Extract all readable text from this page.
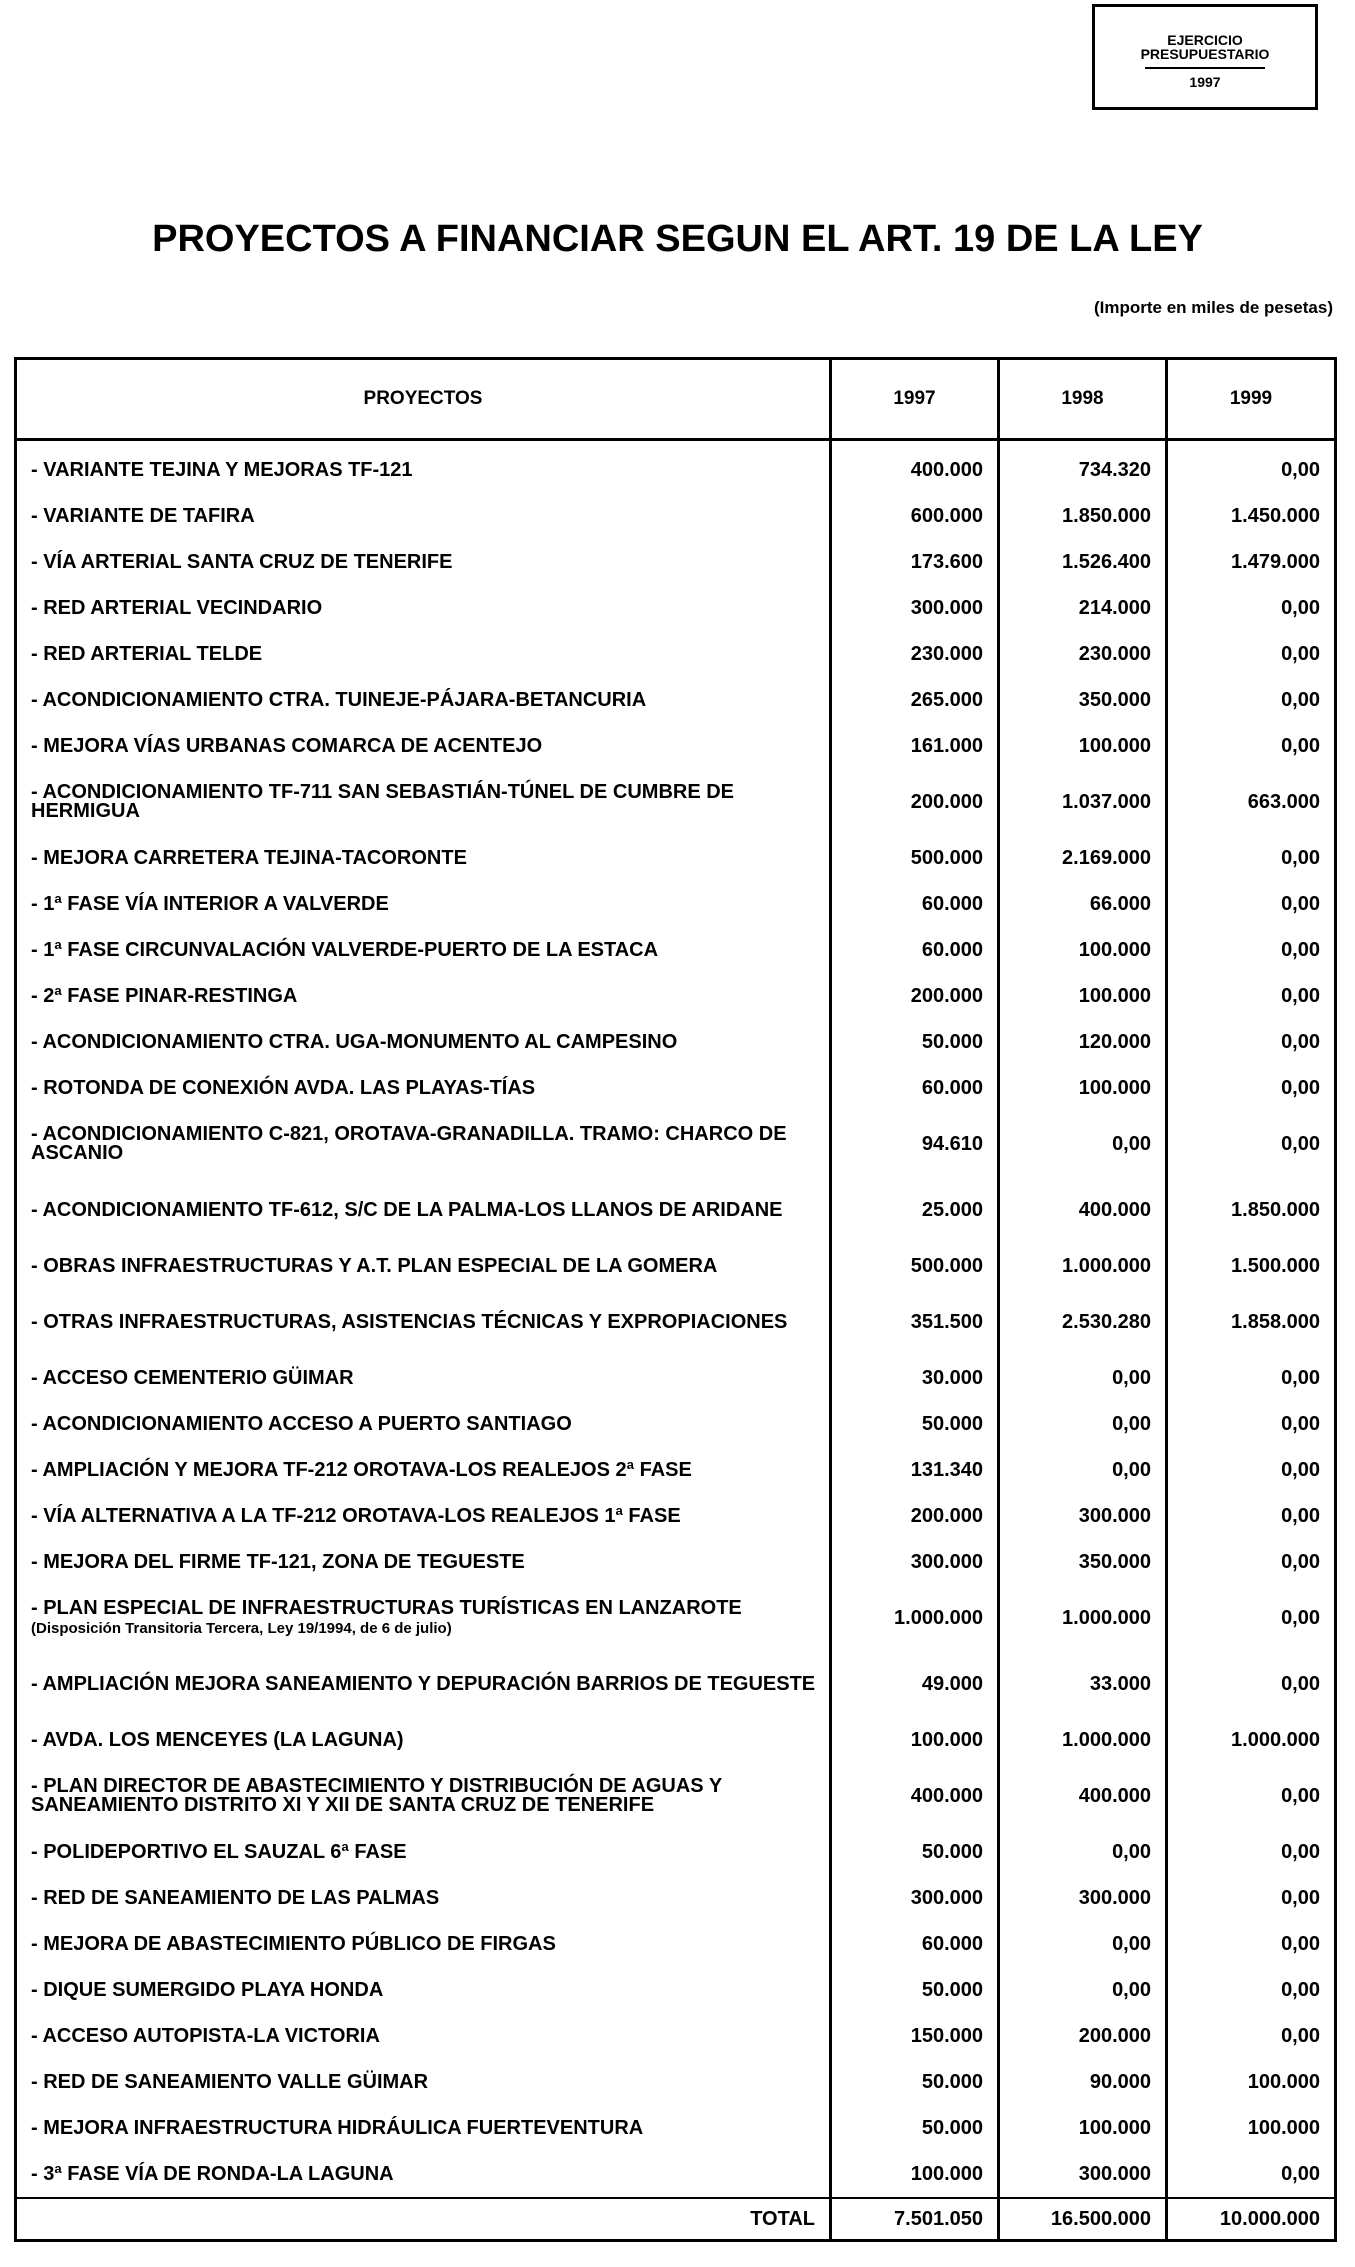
EJERCICIO
PRESUPUESTARIO
1997
PROYECTOS A FINANCIAR SEGUN EL ART. 19 DE LA LEY
(Importe en miles de pesetas)
PROYECTOS	1997	1998	1999
- VARIANTE TEJINA Y MEJORAS TF-121	400.000	734.320	0,00
- VARIANTE DE TAFIRA	600.000	1.850.000	1.450.000
- VÍA ARTERIAL SANTA CRUZ DE TENERIFE	173.600	1.526.400	1.479.000
- RED ARTERIAL VECINDARIO	300.000	214.000	0,00
- RED ARTERIAL TELDE	230.000	230.000	0,00
- ACONDICIONAMIENTO CTRA. TUINEJE-PÁJARA-BETANCURIA	265.000	350.000	0,00
- MEJORA VÍAS URBANAS COMARCA DE ACENTEJO	161.000	100.000	0,00
- ACONDICIONAMIENTO TF-711 SAN SEBASTIÁN-TÚNEL DE CUMBRE DE HERMIGUA	200.000	1.037.000	663.000
- MEJORA CARRETERA TEJINA-TACORONTE	500.000	2.169.000	0,00
- 1ª FASE VÍA INTERIOR A VALVERDE	60.000	66.000	0,00
- 1ª FASE CIRCUNVALACIÓN VALVERDE-PUERTO DE LA ESTACA	60.000	100.000	0,00
- 2ª FASE PINAR-RESTINGA	200.000	100.000	0,00
- ACONDICIONAMIENTO CTRA. UGA-MONUMENTO AL CAMPESINO	50.000	120.000	0,00
- ROTONDA DE CONEXIÓN AVDA. LAS PLAYAS-TÍAS	60.000	100.000	0,00
- ACONDICIONAMIENTO C-821, OROTAVA-GRANADILLA. TRAMO: CHARCO DE ASCANIO	94.610	0,00	0,00
- ACONDICIONAMIENTO TF-612, S/C DE LA PALMA-LOS LLANOS DE ARIDANE	25.000	400.000	1.850.000
- OBRAS INFRAESTRUCTURAS Y A.T. PLAN ESPECIAL DE LA GOMERA	500.000	1.000.000	1.500.000
- OTRAS INFRAESTRUCTURAS, ASISTENCIAS TÉCNICAS Y EXPROPIACIONES	351.500	2.530.280	1.858.000
- ACCESO CEMENTERIO GÜIMAR	30.000	0,00	0,00
- ACONDICIONAMIENTO ACCESO A PUERTO SANTIAGO	50.000	0,00	0,00
- AMPLIACIÓN Y MEJORA TF-212 OROTAVA-LOS REALEJOS 2ª FASE	131.340	0,00	0,00
- VÍA ALTERNATIVA A LA TF-212 OROTAVA-LOS REALEJOS 1ª FASE	200.000	300.000	0,00
- MEJORA DEL FIRME TF-121, ZONA DE TEGUESTE	300.000	350.000	0,00
- PLAN ESPECIAL DE INFRAESTRUCTURAS TURÍSTICAS EN LANZAROTE (Disposición Transitoria Tercera, Ley 19/1994, de 6 de julio)	1.000.000	1.000.000	0,00
- AMPLIACIÓN MEJORA SANEAMIENTO Y DEPURACIÓN BARRIOS DE TEGUESTE	49.000	33.000	0,00
- AVDA. LOS MENCEYES (LA LAGUNA)	100.000	1.000.000	1.000.000
- PLAN DIRECTOR DE ABASTECIMIENTO Y DISTRIBUCIÓN DE AGUAS Y SANEAMIENTO DISTRITO XI Y XII DE SANTA CRUZ DE TENERIFE	400.000	400.000	0,00
- POLIDEPORTIVO EL SAUZAL 6ª FASE	50.000	0,00	0,00
- RED DE SANEAMIENTO DE LAS PALMAS	300.000	300.000	0,00
- MEJORA DE ABASTECIMIENTO PÚBLICO DE FIRGAS	60.000	0,00	0,00
- DIQUE SUMERGIDO PLAYA HONDA	50.000	0,00	0,00
- ACCESO AUTOPISTA-LA VICTORIA	150.000	200.000	0,00
- RED DE SANEAMIENTO VALLE GÜIMAR	50.000	90.000	100.000
- MEJORA INFRAESTRUCTURA HIDRÁULICA FUERTEVENTURA	50.000	100.000	100.000
- 3ª FASE VÍA DE RONDA-LA LAGUNA	100.000	300.000	0,00
TOTAL	7.501.050	16.500.000	10.000.000
